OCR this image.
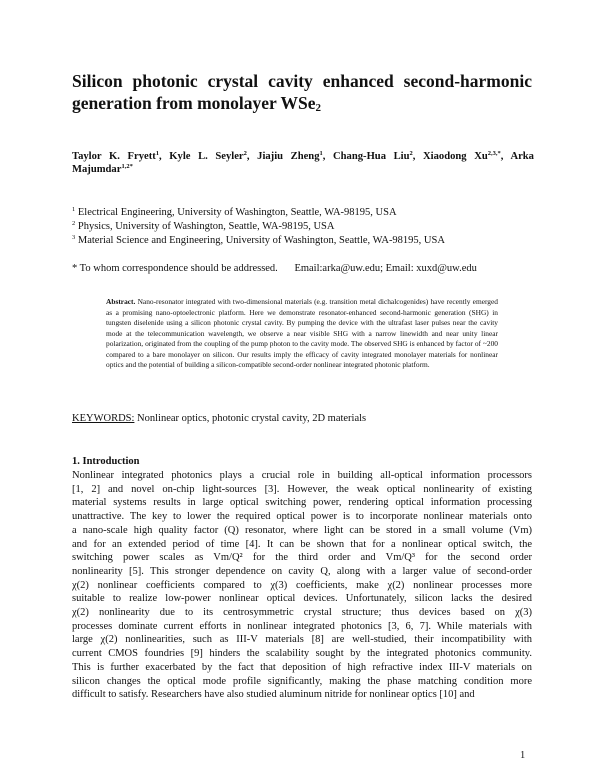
Silicon photonic crystal cavity enhanced second-harmonic generation from monolayer WSe$_2$
Taylor K. Fryett$^1$, Kyle L. Seyler$^2$, Jiajiu Zheng$^1$, Chang-Hua Liu$^2$, Xiaodong $Xu^{2,3,*}$, Arka Majumdar$^{1,2*}$
$^1$ Electrical Engineering, University of Washington, Seattle, WA-98195, USA
$^2$ Physics, University of Washington, Seattle, WA-98195, USA
$^3$ Material Science and Engineering, University of Washington, Seattle, WA-98195, USA
* To whom correspondence should be addressed. Email:arka@uw.edu; Email: xuxd@uw.edu
Abstract. Nano-resonator integrated with two-dimensional materials (e.g. transition metal dichalcogenides) have recently emerged as a promising nano-optoelectronic platform. Here we demonstrate resonator-enhanced second-harmonic generation (SHG) in tungsten diselenide using a silicon photonic crystal cavity. By pumping the device with the ultrafast laser pulses near the cavity mode at the telecommunication wavelength, we observe a near visible SHG with a narrow linewidth and near unity linear polarization, originated from the coupling of the pump photon to the cavity mode. The observed SHG is enhanced by factor of ~200 compared to a bare monolayer on silicon. Our results imply the efficacy of cavity integrated monolayer materials for nonlinear optics and the potential of building a silicon-compatible second-order nonlinear integrated photonic platform.
KEYWORDS: Nonlinear optics, photonic crystal cavity, 2D materials
1. Introduction
Nonlinear integrated photonics plays a crucial role in building all-optical information processors
[1, 2] and novel on-chip light-sources [3]. However, the weak optical nonlinearity of existing
material systems results in large optical switching power, rendering optical information processing
unattractive. The key to lower the required optical power is to incorporate nonlinear materials onto
a nano-scale high quality factor (Q) resonator, where light can be stored in a small volume (Vm)
and for an extended period of time [4]. It can be shown that for a nonlinear optical switch, the
switching power scales as Vm/Q² for the third order and Vm/Q³ for the second order
nonlinearity [5]. This stronger dependence on cavity Q, along with a larger value of second-order
χ(2) nonlinear coefficients compared to χ(3) coefficients, make χ(2) nonlinear processes more
suitable to realize low-power nonlinear optical devices. Unfortunately, silicon lacks the desired
χ(2) nonlinearity due to its centrosymmetric crystal structure; thus devices based on χ(3)
processes dominate current efforts in nonlinear integrated photonics [3, 6, 7]. While materials with
large χ(2) nonlinearities, such as III-V materials [8] are well-studied, their incompatibility with
current CMOS foundries [9] hinders the scalability sought by the integrated photonics community.
This is further exacerbated by the fact that deposition of high refractive index III-V materials on
silicon changes the optical mode profile significantly, making the phase matching condition more
difficult to satisfy. Researchers have also studied aluminum nitride for nonlinear optics [10] and
1
